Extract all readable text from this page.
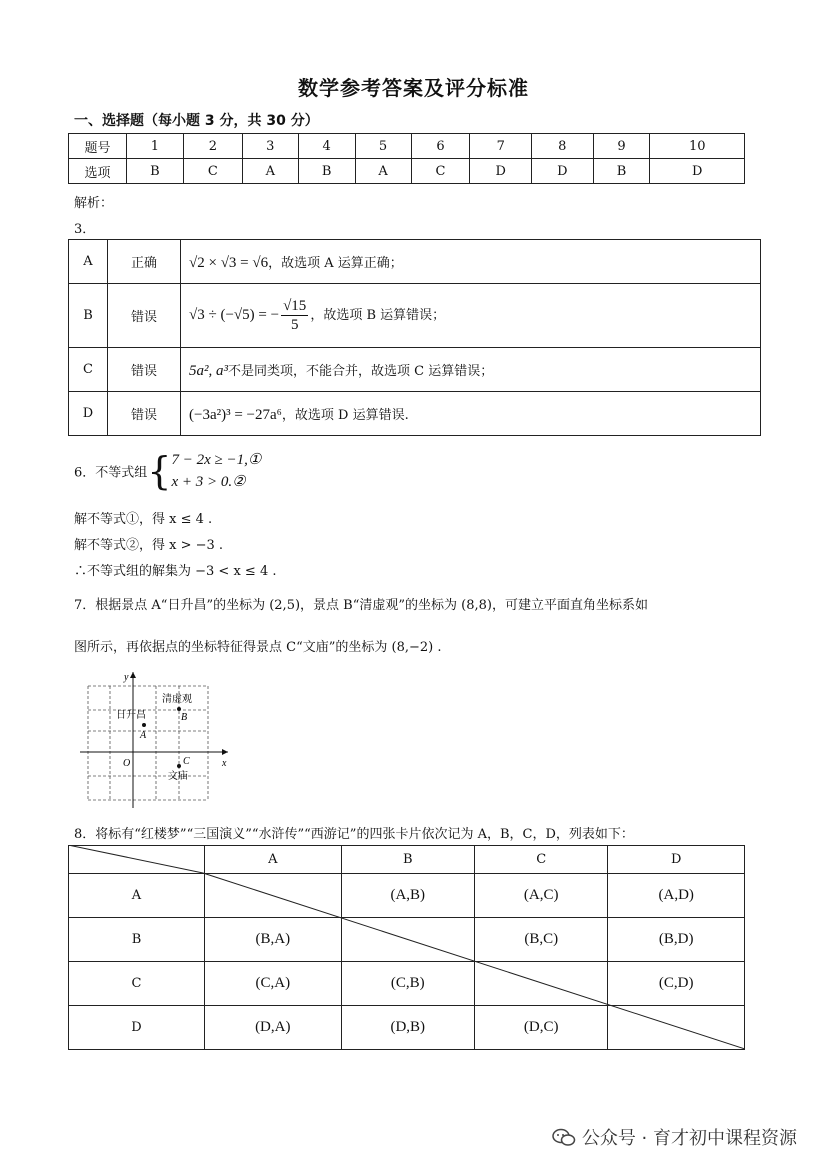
数学参考答案及评分标准
一、选择题（每小题 3 分，共 30 分）
题号	1	2	3	4	5	6	7	8	9	10
选项	B	C	A	B	A	C	D	D	B	D
解析：
3．
A	正确	√2 × √3 = √6，故选项 A 运算正确；
B	错误	√3 ÷ (−√5) = − $\frac{√15}{5}$ ，故选项 B 运算错误；
C	错误	5a², a³不是同类项，不能合并，故选项 C 运算错误；
D	错误	(−3a²)³ = −27a⁶，故选项 D 运算错误.
6．不等式组{ 7 − 2x ≥ −1,①
x + 3 > 0.②
解不等式①，得 x ≤ 4 .
解不等式②，得 x > −3 .
∴不等式组的解集为 −3 < x ≤ 4 .
7．根据景点 A“日升昌”的坐标为 (2,5)，景点 B“清虚观”的坐标为 (8,8)，可建立平面直角坐标系如
图所示，再依据点的坐标特征得景点 C“文庙”的坐标为 (8,−2) .
y
x
O
日升昌
A
清虚观
B
C
文庙
8．将标有“红楼梦”“三国演义”“水浒传”“西游记”的四张卡片依次记为 A，B，C，D，列表如下：
	A	B	C	D
A		(A,B)	(A,C)	(A,D)
B	(B,A)		(B,C)	(B,D)
C	(C,A)	(C,B)		(C,D)
D	(D,A)	(D,B)	(D,C)	
公众号 · 育才初中课程资源
